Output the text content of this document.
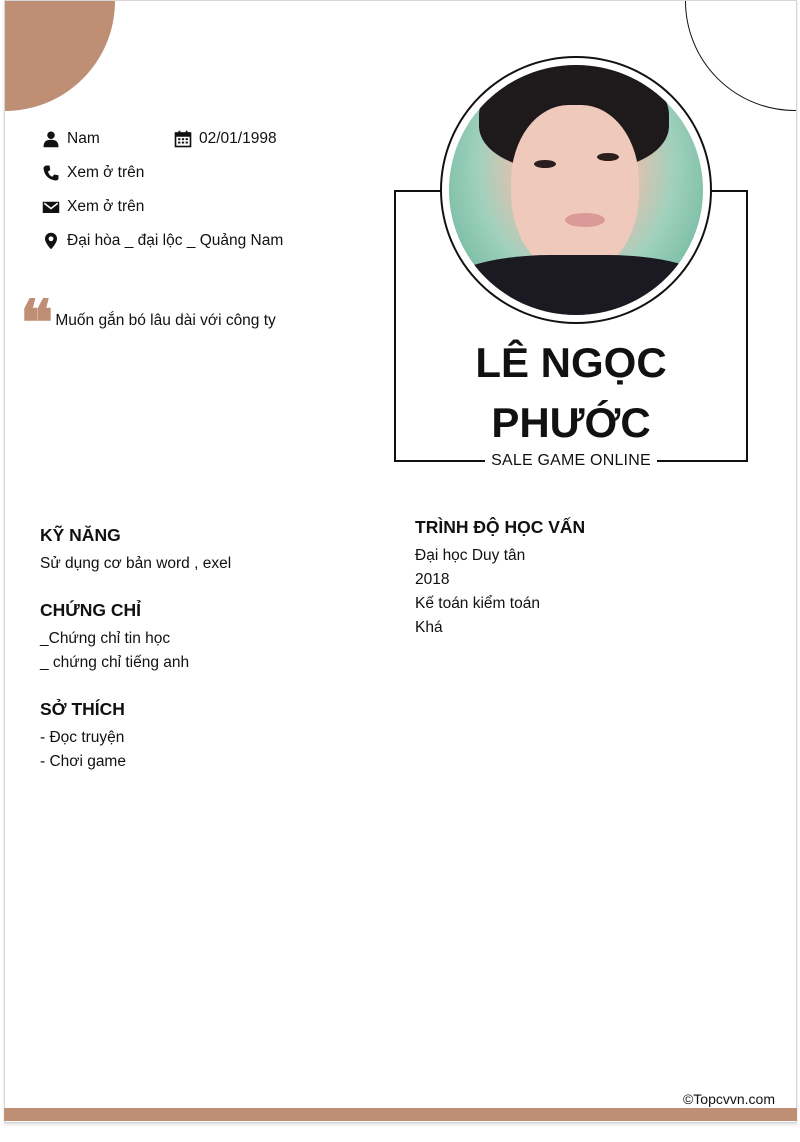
Nam	02/01/1998
Xem ở trên
Xem ở trên
Đại hòa _ đại lộc _ Quảng Nam
❝ Muốn gắn bó lâu dài với công ty
LÊ NGỌC
PHƯỚC
SALE GAME ONLINE
KỸ NĂNG
Sử dụng cơ bản word , exel
CHỨNG CHỈ
_Chứng chỉ tin học
_ chứng chỉ tiếng anh
SỞ THÍCH
- Đọc truyện
- Chơi game
TRÌNH ĐỘ HỌC VẤN
Đại học Duy tân
2018
Kế toán kiểm toán
Khá
©Topcvvn.com
